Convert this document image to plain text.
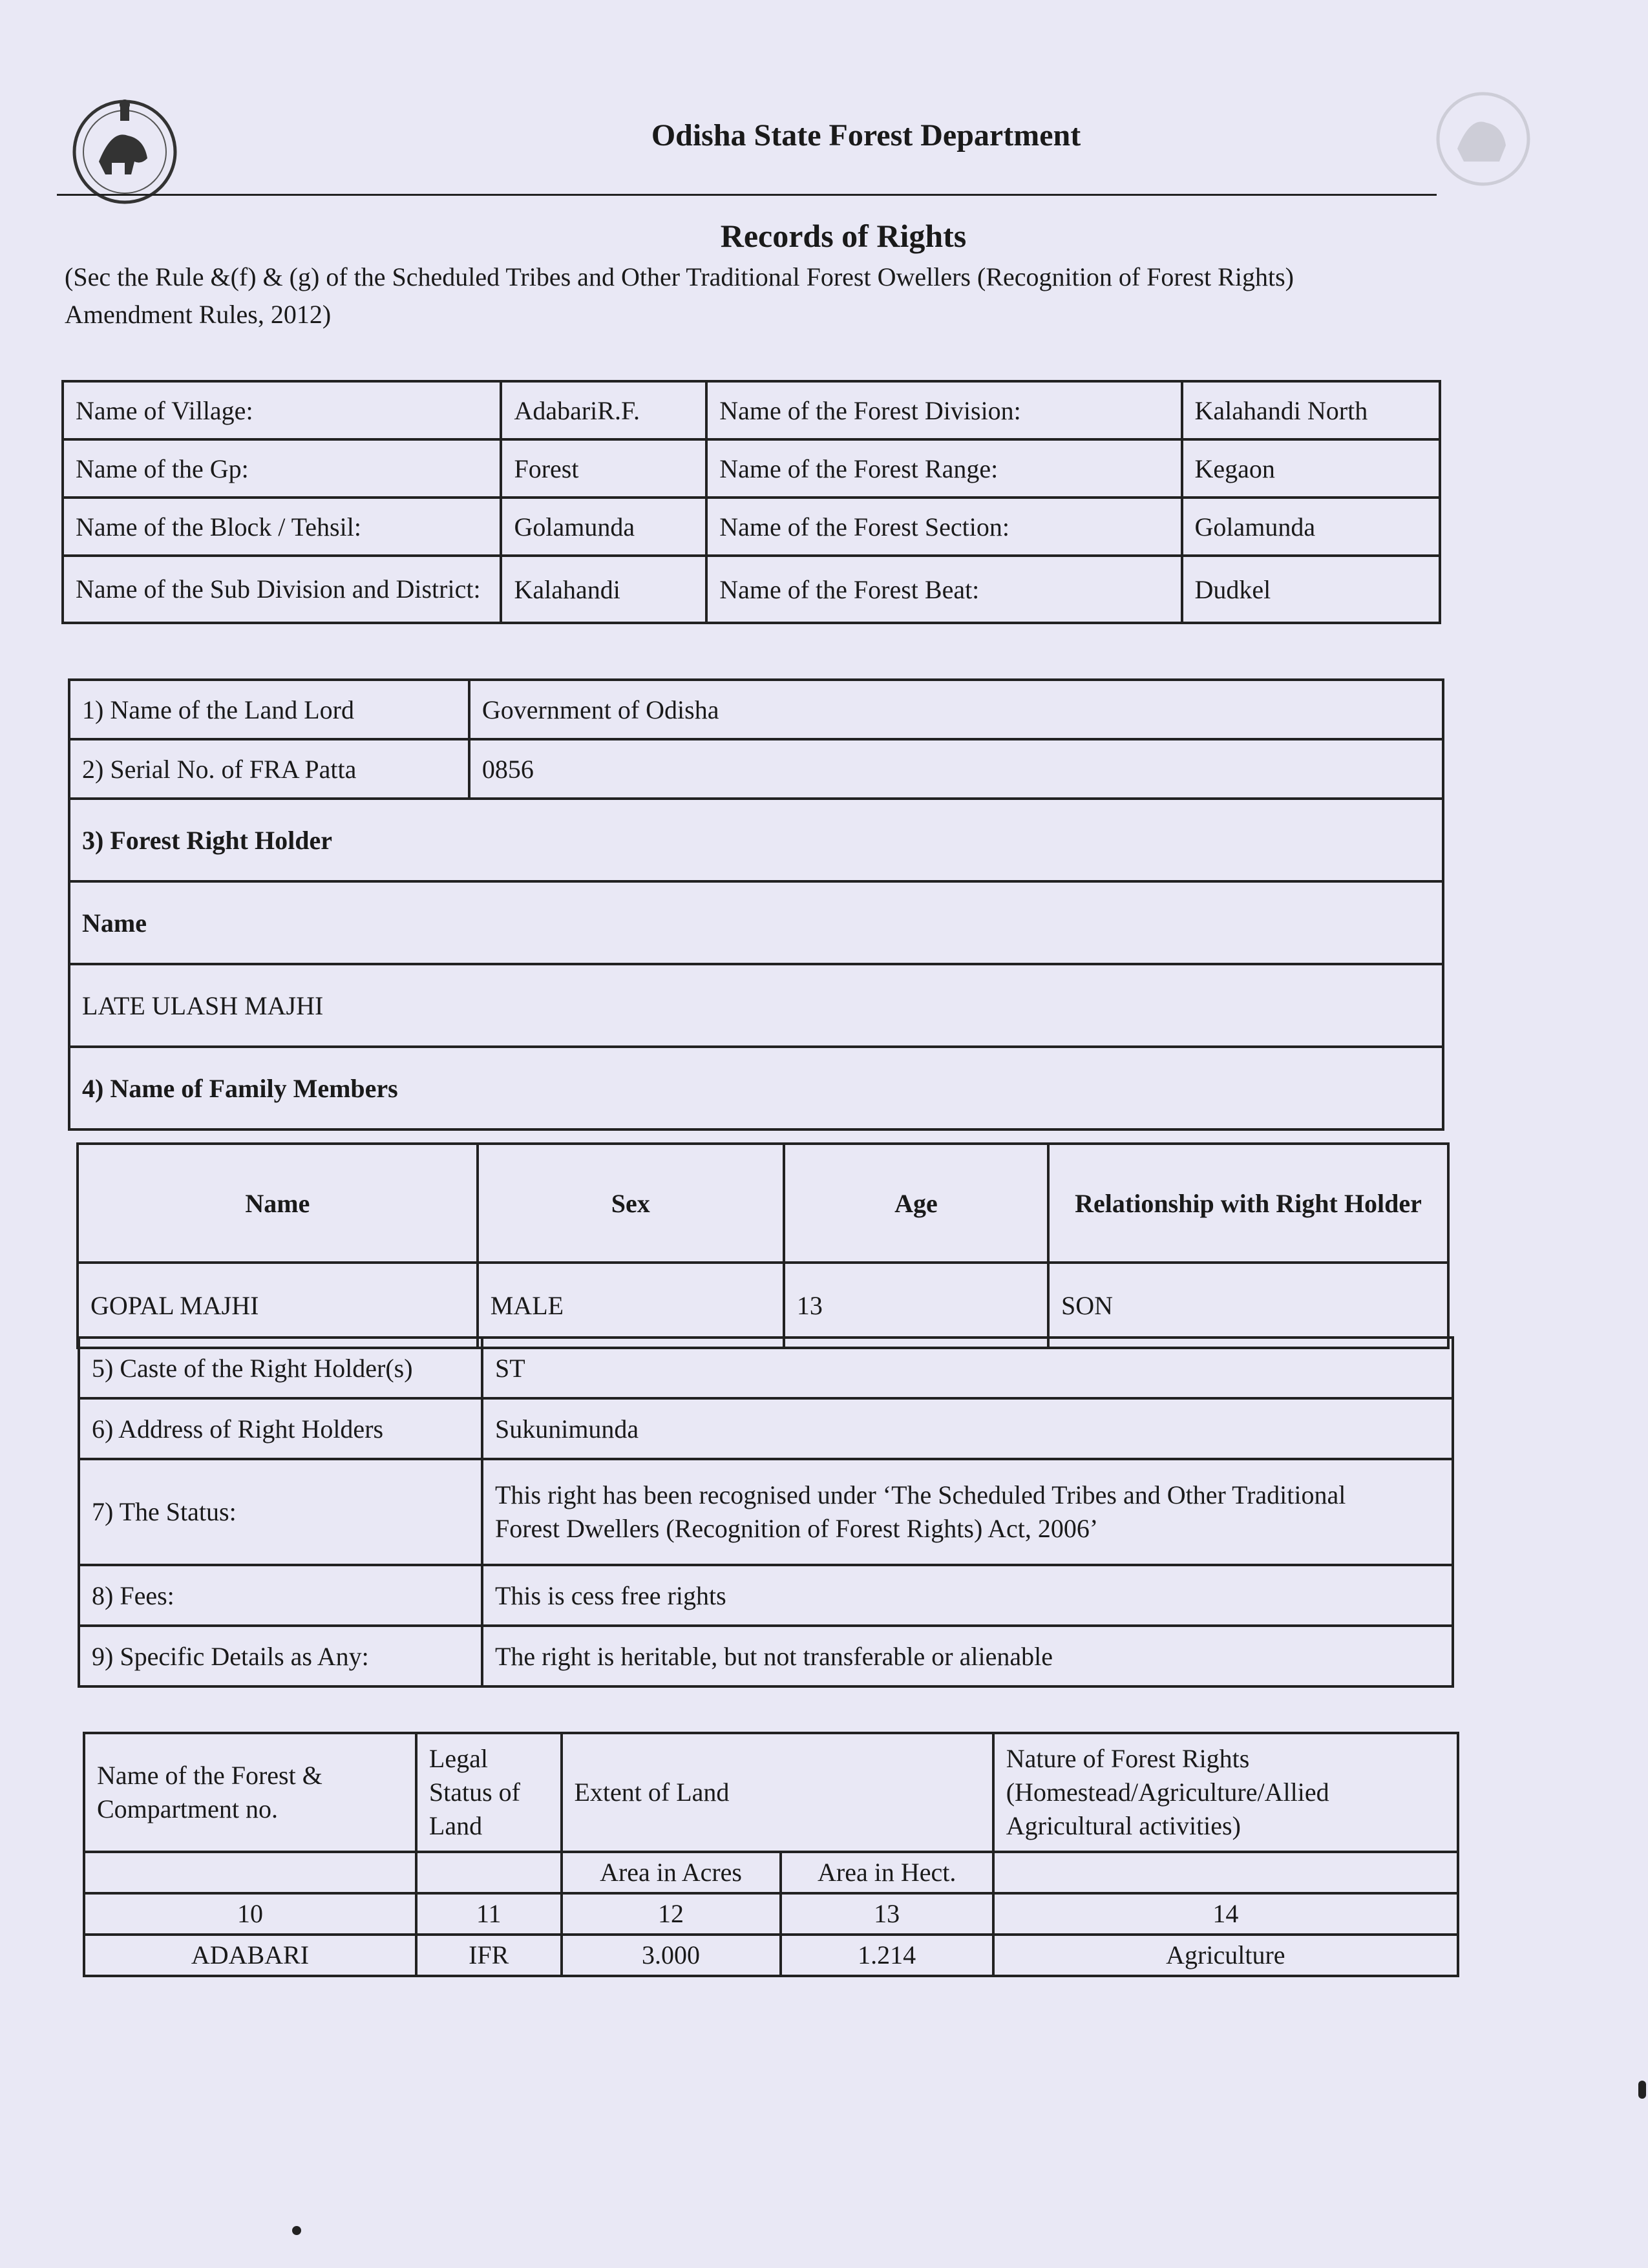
Odisha State Forest Department
Records of Rights
(Sec the Rule &(f) & (g) of the Scheduled Tribes and Other Traditional Forest Owellers (Recognition of Forest Rights) Amendment Rules, 2012)
Name of Village:	AdabariR.F.	Name of the Forest Division:	Kalahandi North
Name of the Gp:	Forest	Name of the Forest Range:	Kegaon
Name of the Block / Tehsil:	Golamunda	Name of the Forest Section:	Golamunda
Name of the Sub Division and District:	Kalahandi	Name of the Forest Beat:	Dudkel
1) Name of the Land Lord	Government of Odisha
2) Serial No. of FRA Patta	0856
3) Forest Right Holder	
Name	
LATE ULASH MAJHI	
4) Name of Family Members	
Name	Sex	Age	Relationship with Right Holder
GOPAL MAJHI	MALE	13	SON
5) Caste of the Right Holder(s)	ST
6) Address of Right Holders	Sukunimunda
7) The Status:	This right has been recognised under ‘The Scheduled Tribes and Other Traditional
Forest Dwellers (Recognition of Forest Rights) Act, 2006’

8) Fees:	This is cess free rights
9) Specific Details as Any:	The right is heritable, but not transferable or alienable
Name of the Forest & Compartment no.	Legal Status of Land	Extent of Land		Nature of Forest Rights (Homestead/Agriculture/Allied Agricultural activities)
		Area in Acres	Area in Hect.	
10	11	12	13	14
ADABARI	IFR	3.000	1.214	Agriculture
